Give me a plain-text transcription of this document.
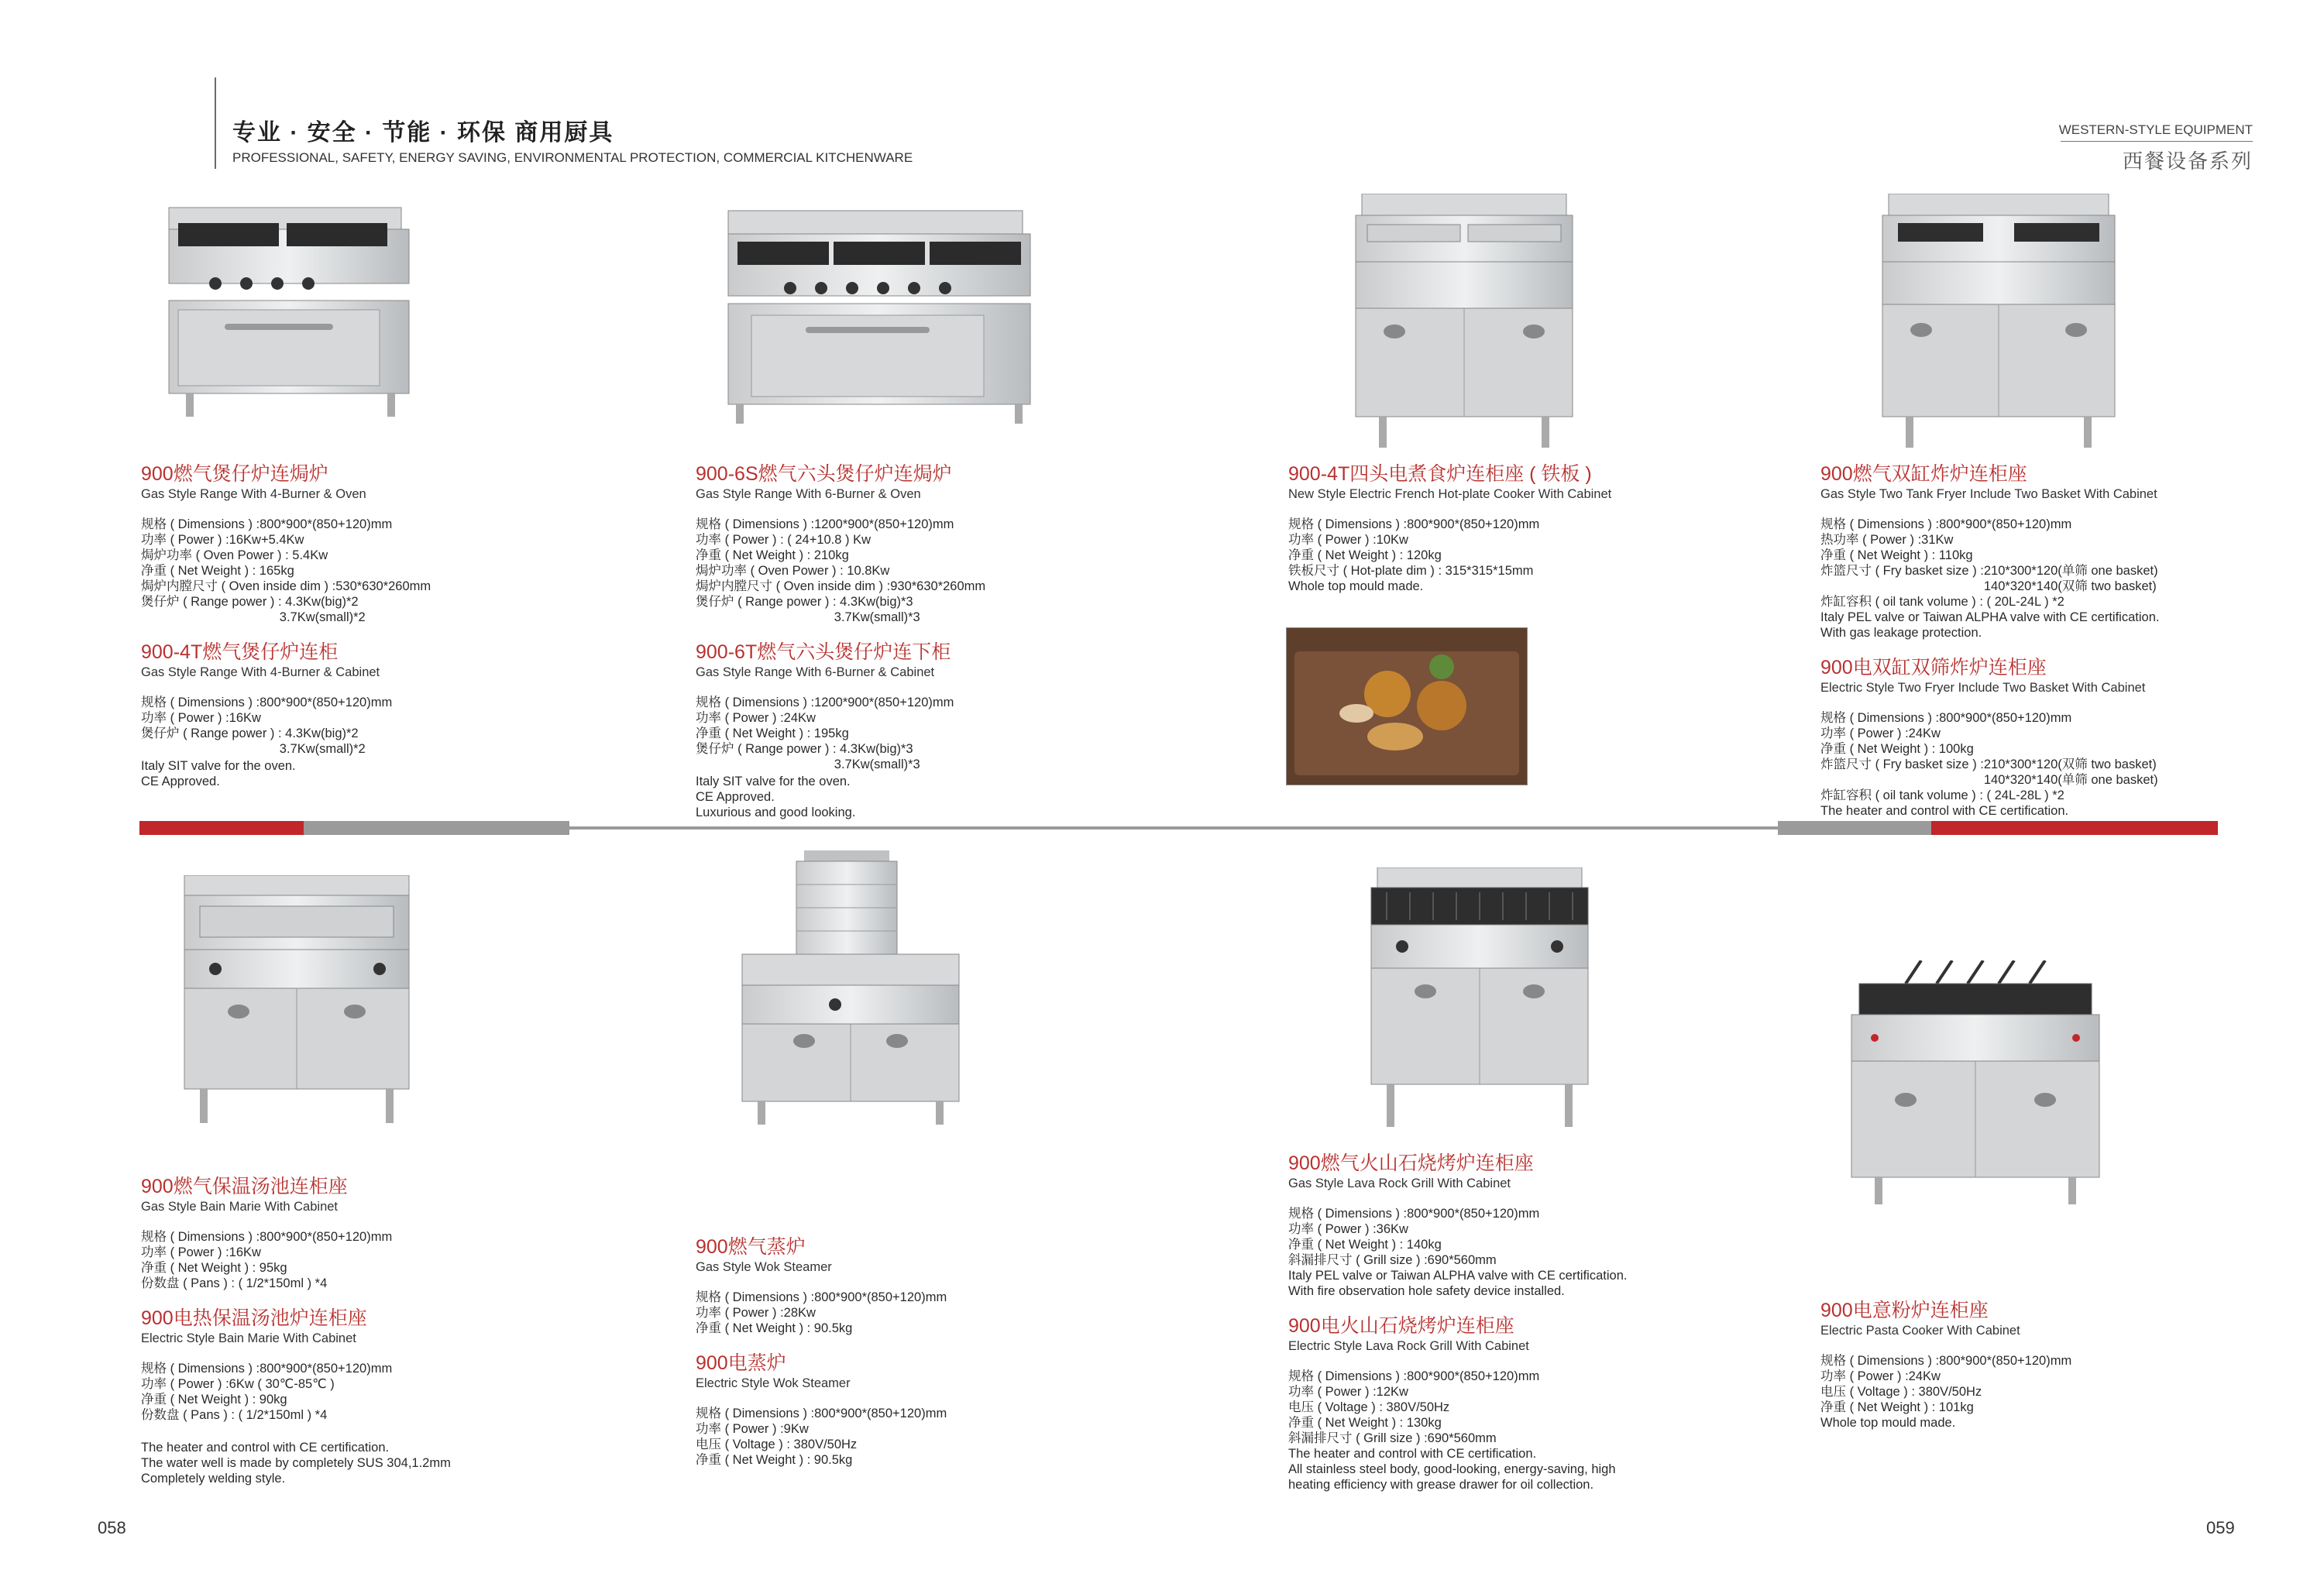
专业 · 安全 · 节能 · 环保 商用厨具
PROFESSIONAL, SAFETY, ENERGY SAVING, ENVIRONMENTAL PROTECTION, COMMERCIAL KITCHENWARE
WESTERN-STYLE EQUIPMENT
西餐设备系列

900燃气煲仔炉连焗炉

Gas Style Range With 4-Burner & Oven

规格 ( Dimensions ) :800*900*(850+120)mm
功率 ( Power ) :16Kw+5.4Kw
焗炉功率 ( Oven Power ) : 5.4Kw
净重 ( Net Weight ) : 165kg
焗炉内膛尺寸 ( Oven inside dim ) :530*630*260mm
煲仔炉 ( Range power ) : 4.3Kw(big)*2
3.7Kw(small)*2

900-4T燃气煲仔炉连柜

Gas Style Range With 4-Burner & Cabinet

规格 ( Dimensions ) :800*900*(850+120)mm
功率 ( Power ) :16Kw
煲仔炉 ( Range power ) : 4.3Kw(big)*2
3.7Kw(small)*2

Italy SIT valve for the oven.
CE Approved.

900-6S燃气六头煲仔炉连焗炉

Gas Style Range With 6-Burner & Oven

规格 ( Dimensions ) :1200*900*(850+120)mm
功率 ( Power ) : ( 24+10.8 ) Kw
净重 ( Net Weight ) : 210kg
焗炉功率 ( Oven Power ) : 10.8Kw
焗炉内膛尺寸 ( Oven inside dim ) :930*630*260mm
煲仔炉 ( Range power ) : 4.3Kw(big)*3
3.7Kw(small)*3

900-6T燃气六头煲仔炉连下柜

Gas Style Range With 6-Burner & Cabinet

规格 ( Dimensions ) :1200*900*(850+120)mm
功率 ( Power ) :24Kw
净重 ( Net Weight ) : 195kg
煲仔炉 ( Range power ) : 4.3Kw(big)*3
3.7Kw(small)*3

Italy SIT valve for the oven.
CE Approved.
Luxurious and good looking.

900-4T四头电煮食炉连柜座 ( 铁板 )

New Style Electric French Hot-plate Cooker With Cabinet

规格 ( Dimensions ) :800*900*(850+120)mm
功率 ( Power ) :10Kw
净重 ( Net Weight ) : 120kg
铁板尺寸 ( Hot-plate dim ) : 315*315*15mm
Whole top mould made.

900燃气双缸炸炉连柜座

Gas Style Two Tank Fryer Include Two Basket With Cabinet

规格 ( Dimensions ) :800*900*(850+120)mm
热功率 ( Power ) :31Kw
净重 ( Net Weight ) : 110kg
炸篮尺寸 ( Fry basket size ) :210*300*120(单筛 one basket)
140*320*140(双筛 two basket)
炸缸容积 ( oil tank volume ) : ( 20L-24L ) *2
Italy PEL valve or Taiwan ALPHA valve with CE certification.
With gas leakage protection.

900电双缸双筛炸炉连柜座

Electric Style Two Fryer Include Two Basket With Cabinet

规格 ( Dimensions ) :800*900*(850+120)mm
功率 ( Power ) :24Kw
净重 ( Net Weight ) : 100kg
炸篮尺寸 ( Fry basket size ) :210*300*120(双筛 two basket)
140*320*140(单筛 one basket)
炸缸容积 ( oil tank volume ) : ( 24L-28L ) *2
The heater and control with CE certification.

900燃气保温汤池连柜座

Gas Style Bain Marie With Cabinet

规格 ( Dimensions ) :800*900*(850+120)mm
功率 ( Power ) :16Kw
净重 ( Net Weight ) : 95kg
份数盘 ( Pans ) : ( 1/2*150ml ) *4

900电热保温汤池炉连柜座

Electric Style Bain Marie With Cabinet

规格 ( Dimensions ) :800*900*(850+120)mm
功率 ( Power ) :6Kw ( 30℃-85℃ )
净重 ( Net Weight ) : 90kg
份数盘 ( Pans ) : ( 1/2*150ml ) *4

The heater and control with CE certification.
The water well is made by completely SUS 304,1.2mm
Completely welding style.

900燃气蒸炉

Gas Style Wok Steamer

规格 ( Dimensions ) :800*900*(850+120)mm
功率 ( Power ) :28Kw
净重 ( Net Weight ) : 90.5kg

900电蒸炉

Electric Style Wok Steamer

规格 ( Dimensions ) :800*900*(850+120)mm
功率 ( Power ) :9Kw
电压 ( Voltage ) : 380V/50Hz
净重 ( Net Weight ) : 90.5kg

900燃气火山石烧烤炉连柜座

Gas Style Lava Rock Grill With Cabinet

规格 ( Dimensions ) :800*900*(850+120)mm
功率 ( Power ) :36Kw
净重 ( Net Weight ) : 140kg
斜漏排尺寸 ( Grill size ) :690*560mm
Italy PEL valve or Taiwan ALPHA valve with CE certification.
With fire observation hole safety device installed.

900电火山石烧烤炉连柜座

Electric Style Lava Rock Grill With Cabinet

规格 ( Dimensions ) :800*900*(850+120)mm
功率 ( Power ) :12Kw
电压 ( Voltage ) : 380V/50Hz
净重 ( Net Weight ) : 130kg
斜漏排尺寸 ( Grill size ) :690*560mm
The heater and control with CE certification.
All stainless steel body, good-looking, energy-saving, high
heating efficiency with grease drawer for oil collection.

900电意粉炉连柜座

Electric Pasta Cooker With Cabinet

规格 ( Dimensions ) :800*900*(850+120)mm
功率 ( Power ) :24Kw
电压 ( Voltage ) : 380V/50Hz
净重 ( Net Weight ) : 101kg
Whole top mould made.

058	059
